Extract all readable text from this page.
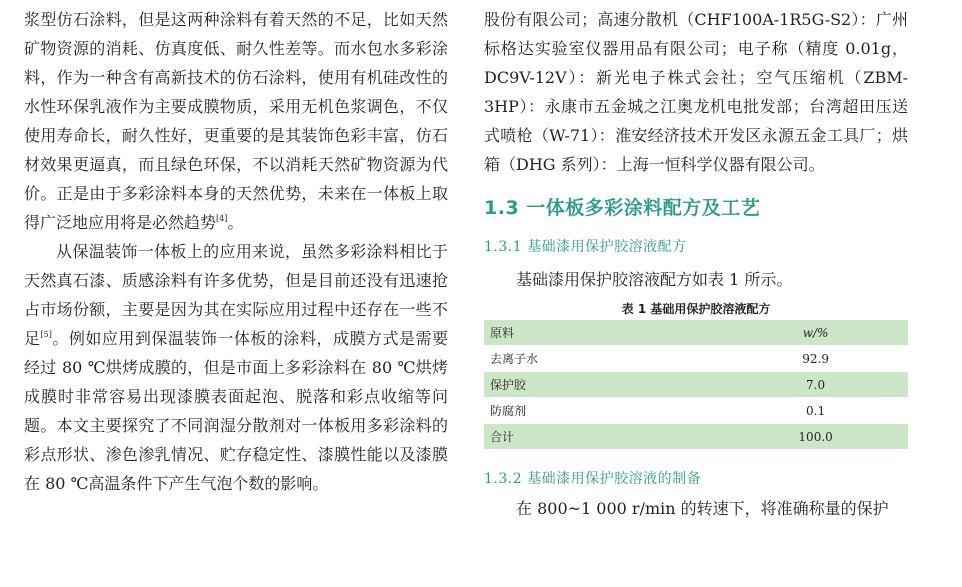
浆型仿石涂料，但是这两种涂料有着天然的不足，比如天然矿物资源的消耗、仿真度低、耐久性差等。而水包水多彩涂料，作为一种含有高新技术的仿石涂料，使用有机硅改性的水性环保乳液作为主要成膜物质，采用无机色浆调色，不仅使用寿命长，耐久性好，更重要的是其装饰色彩丰富，仿石材效果更逼真，而且绿色环保，不以消耗天然矿物资源为代价。正是由于多彩涂料本身的天然优势，未来在一体板上取得广泛地应用将是必然趋势[4]。

从保温装饰一体板上的应用来说，虽然多彩涂料相比于天然真石漆、质感涂料有许多优势，但是目前还没有迅速抢占市场份额，主要是因为其在实际应用过程中还存在一些不足[5]。例如应用到保温装饰一体板的涂料，成膜方式是需要经过 80 ℃烘烤成膜的，但是市面上多彩涂料在 80 ℃烘烤成膜时非常容易出现漆膜表面起泡、脱落和彩点收缩等问题。本文主要探究了不同润湿分散剂对一体板用多彩涂料的彩点形状、渗色渗乳情况、贮存稳定性、漆膜性能以及漆膜在 80 ℃高温条件下产生气泡个数的影响。

股份有限公司；高速分散机（CHF100A-1R5G-S2）：广州标格达实验室仪器用品有限公司；电子称（精度 0.01g，DC9V-12V）：新光电子株式会社；空气压缩机（ZBM-3HP）：永康市五金城之江奥龙机电批发部；台湾超田压送式喷枪（W-71）：淮安经济技术开发区永源五金工具厂；烘箱（DHG 系列）：上海一恒科学仪器有限公司。

1.3 一体板多彩涂料配方及工艺
1.3.1 基础漆用保护胶溶液配方

基础漆用保护胶溶液配方如表 1 所示。

表 1 基础用保护胶溶液配方
原料	w/%
去离子水	92.9
保护胶	7.0
防腐剂	0.1
合计	100.0
1.3.2 基础漆用保护胶溶液的制备

在 800~1 000 r/min 的转速下，将准确称量的保护
